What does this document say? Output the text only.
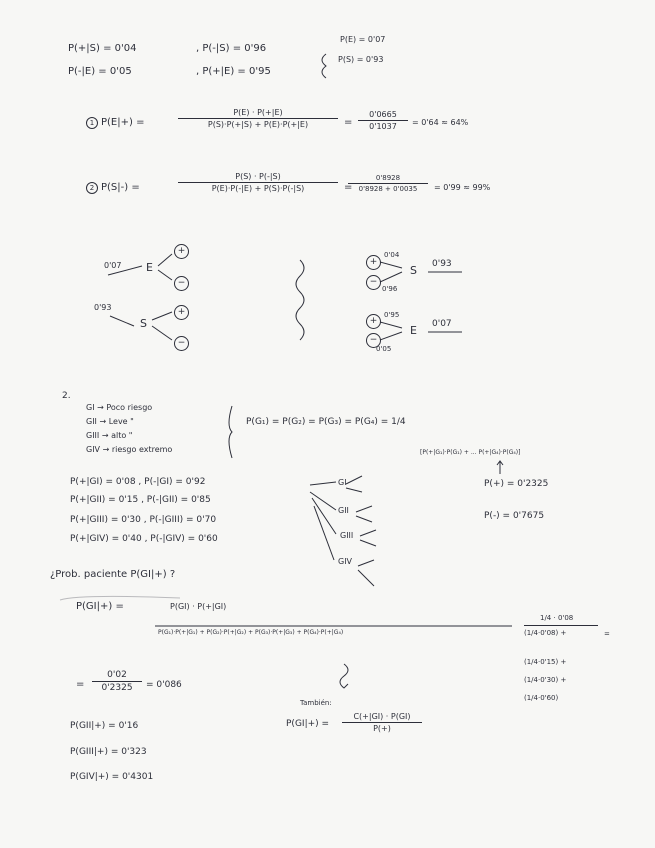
P(+|S) = 0'04	, P(-|S) = 0'96
P(-|E) = 0'05	, P(+|E) = 0'95
P(E) = 0'07
P(S) = 0'93
1 P(E|+) =
P(E) · P(+|E)
P(S)·P(+|S) + P(E)·P(+|E)	=
0'0665
0'1037	= 0'64 ≈ 64%
2 P(S|-) =
P(S) · P(-|S)
P(E)·P(-|E) + P(S)·P(-|S)	=
0'8928
0'8928 + 0'0035	= 0'99 ≈ 99%
0'07 E
+
−
0'93
S
+
−
+
0'04
−
0'96
S 0'93
+
0'95
−
0'05
E 0'07
2.
GI → Poco riesgo
GII → Leve "
GIII → alto "
GIV → riesgo extremo
P(G₁) = P(G₂) = P(G₃) = P(G₄) = 1/4
[P(+|G₁)·P(G₁) + ... P(+|G₄)·P(G₄)]
P(+) = 0'2325
P(-) = 0'7675
P(+|GI) = 0'08 , P(-|GI) = 0'92
P(+|GII) = 0'15 , P(-|GII) = 0'85
P(+|GIII) = 0'30 , P(-|GIII) = 0'70
P(+|GIV) = 0'40 , P(-|GIV) = 0'60
GI
GII
GIII
GIV
¿Prob. paciente P(GI|+) ?
P(GI|+) =	P(GI) · P(+|GI)
P(G₁)·P(+|G₁) + P(G₂)·P(+|G₂) + P(G₃)·P(+|G₃) + P(G₄)·P(+|G₄)
1/4 · 0'08
=
(1/4·0'08) +
(1/4·0'15) +
(1/4·0'30) +
(1/4·0'60)
=
0'02
0'2325	= 0'086
También:
P(GI|+) =
C(+|GI) · P(GI)
P(+)
P(GII|+) = 0'16
P(GIII|+) = 0'323
P(GIV|+) = 0'4301
